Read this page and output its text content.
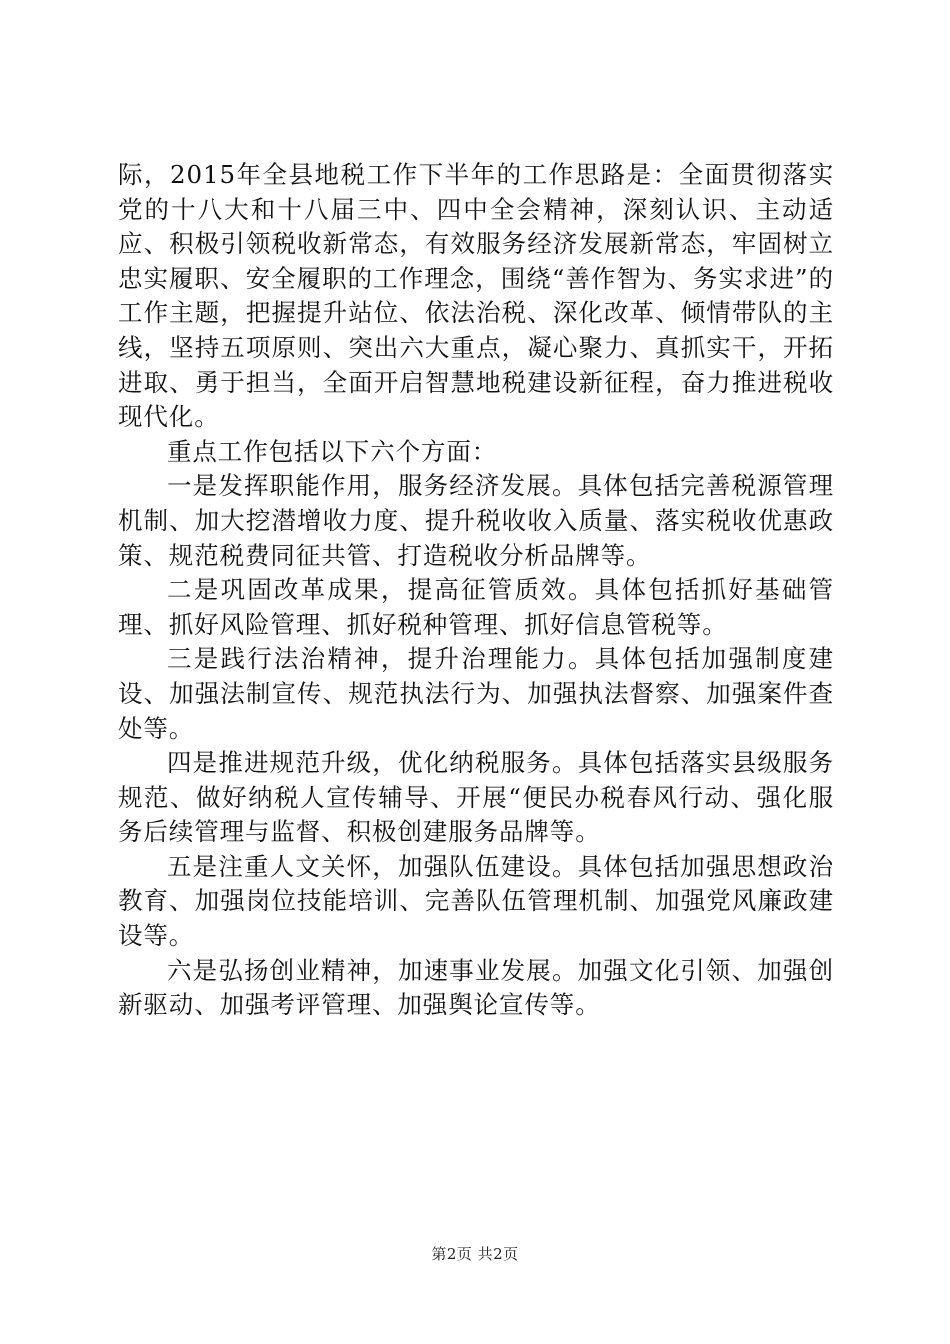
际，2015年全县地税工作下半年的工作思路是：全面贯彻落实党的十八大和十八届三中、四中全会精神，深刻认识、主动适应、积极引领税收新常态，有效服务经济发展新常态，牢固树立忠实履职、安全履职的工作理念，围绕“善作智为、务实求进”的工作主题，把握提升站位、依法治税、深化改革、倾情带队的主线，坚持五项原则、突出六大重点，凝心聚力、真抓实干，开拓进取、勇于担当，全面开启智慧地税建设新征程，奋力推进税收现代化。

重点工作包括以下六个方面：

一是发挥职能作用，服务经济发展。具体包括完善税源管理机制、加大挖潜增收力度、提升税收收入质量、落实税收优惠政策、规范税费同征共管、打造税收分析品牌等。

二是巩固改革成果，提高征管质效。具体包括抓好基础管理、抓好风险管理、抓好税种管理、抓好信息管税等。

三是践行法治精神，提升治理能力。具体包括加强制度建设、加强法制宣传、规范执法行为、加强执法督察、加强案件查处等。

四是推进规范升级，优化纳税服务。具体包括落实县级服务规范、做好纳税人宣传辅导、开展“便民办税春风行动、强化服务后续管理与监督、积极创建服务品牌等。

五是注重人文关怀，加强队伍建设。具体包括加强思想政治教育、加强岗位技能培训、完善队伍管理机制、加强党风廉政建设等。

六是弘扬创业精神，加速事业发展。加强文化引领、加强创新驱动、加强考评管理、加强舆论宣传等。

第2页 共2页
